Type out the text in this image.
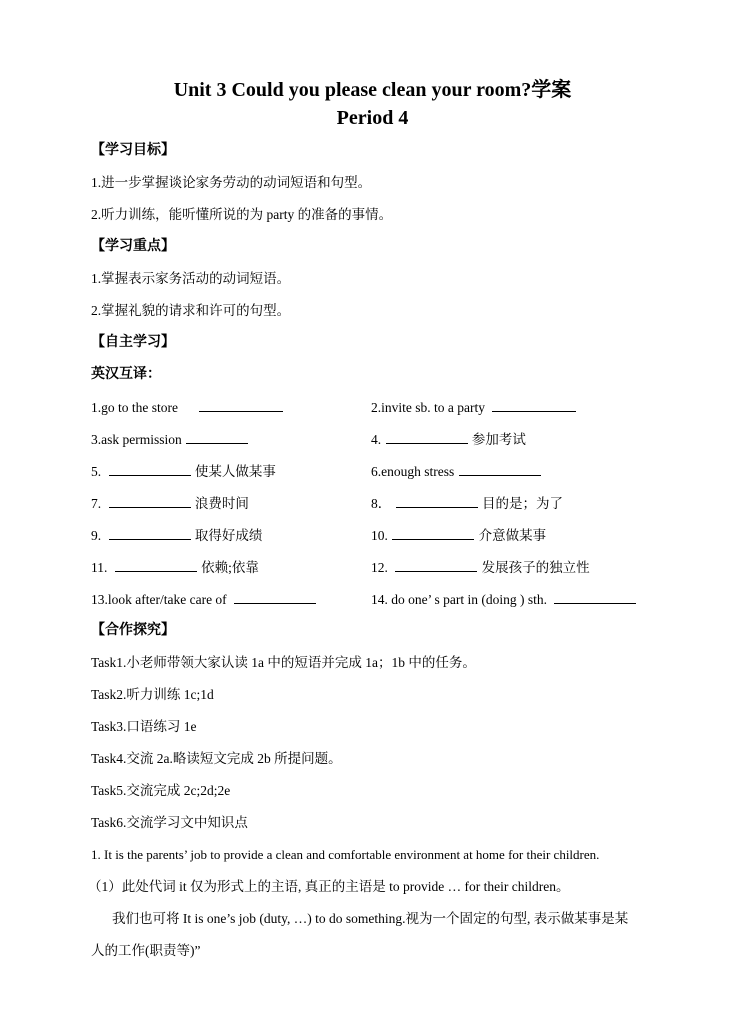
Unit 3 Could you please clean your room?学案
Period 4
【学习目标】
1.进一步掌握谈论家务劳动的动词短语和句型。
2.听力训练，能听懂所说的为 party 的准备的事情。
【学习重点】
1.掌握表示家务活动的动词短语。
2.掌握礼貌的请求和许可的句型。
【自主学习】
英汉互译：
1.go to the store	2.invite sb. to a party
3.ask permission	4.	参加考试
5.	使某人做某事	6.enough stress
7.	浪费时间	8．	目的是；为了
9.	取得好成绩	10.	介意做某事
11.	依赖;依靠	12.	发展孩子的独立性
13.look after/take care of	14. do one’ s part in (doing ) sth.
【合作探究】
Task1.小老师带领大家认读 1a 中的短语并完成 1a；1b 中的任务。
Task2.听力训练 1c;1d
Task3.口语练习 1e
Task4.交流 2a.略读短文完成 2b 所提问题。
Task5.交流完成 2c;2d;2e
Task6.交流学习文中知识点
1. It is the parents’ job to provide a clean and comfortable environment at home for their children.
（1）此处代词 it 仅为形式上的主语, 真正的主语是 to provide … for their children。
我们也可将 It is one’s job (duty, …) to do something.视为一个固定的句型, 表示做某事是某
人的工作(职责等)”
